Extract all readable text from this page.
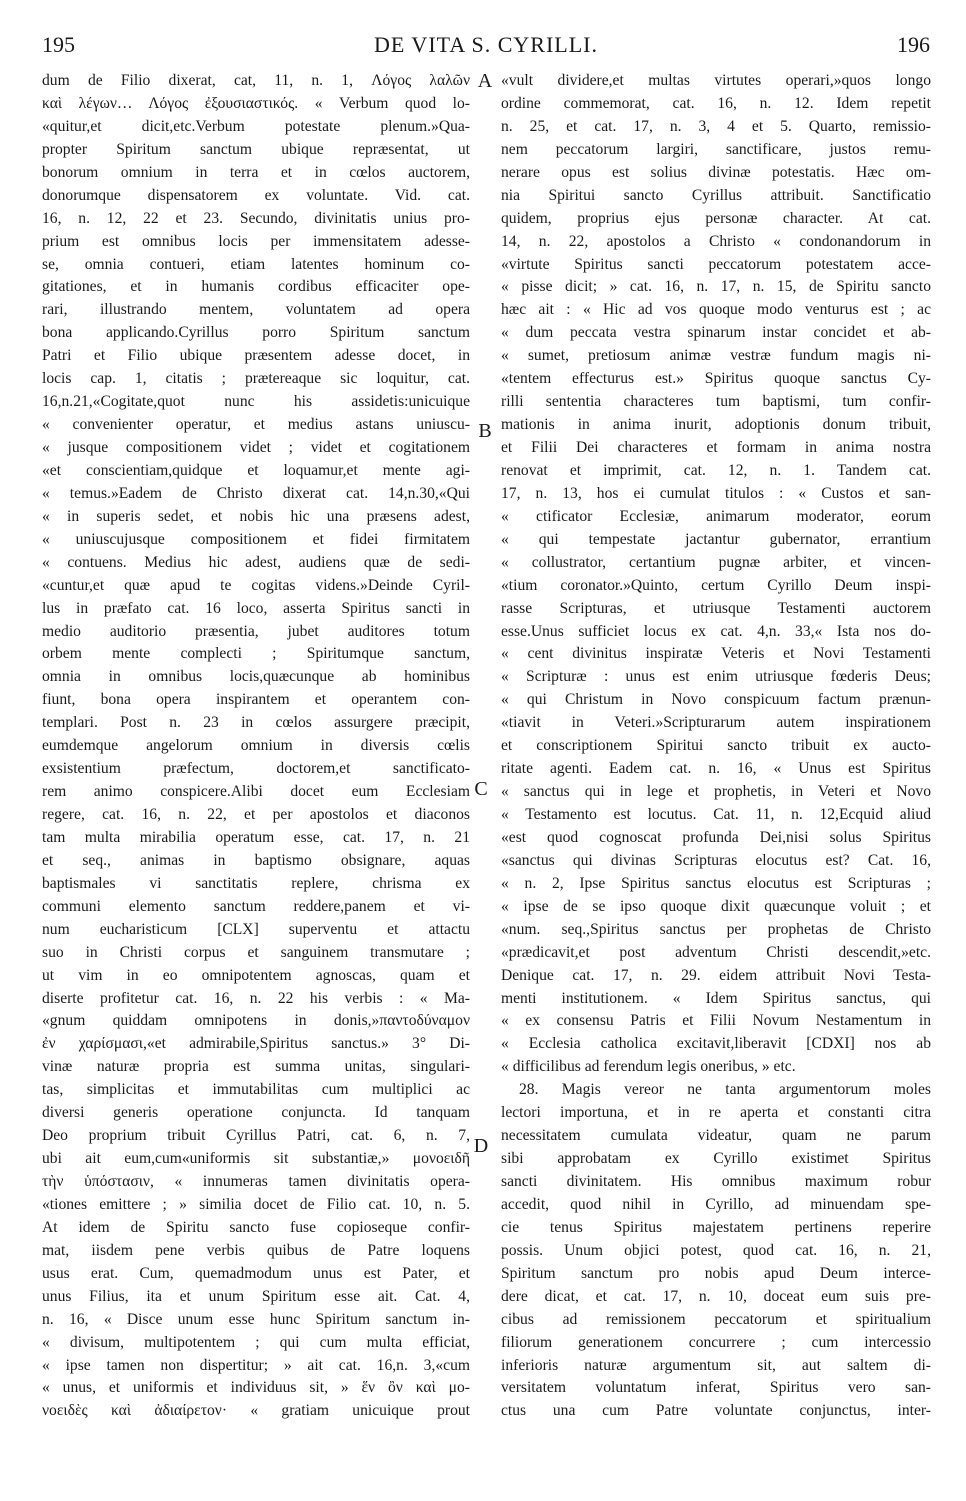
195	DE VITA S. CYRILLI.	196
dum de Filio dixerat, cat, 11, n. 1, Λόγος λαλῶν
καὶ λέγων… Λόγος ἐξουσιαστικός. « Verbum quod lo-
«quitur,et dicit,etc.Verbum potestate plenum.»Qua-
propter Spiritum sanctum ubique repræsentat, ut
bonorum omnium in terra et in cœlos auctorem,
donorumque dispensatorem ex voluntate. Vid. cat.
16, n. 12, 22 et 23. Secundo, divinitatis unius pro-
prium est omnibus locis per immensitatem adesse-
se, omnia contueri, etiam latentes hominum co-
gitationes, et in humanis cordibus efficaciter ope-
rari, illustrando mentem, voluntatem ad opera
bona applicando.Cyrillus porro Spiritum sanctum
Patri et Filio ubique præsentem adesse docet, in
locis cap. 1, citatis ; prætereaque sic loquitur, cat.
16,n.21,«Cogitate,quot nunc his assidetis:unicuique
« convenienter operatur, et medius astans uniuscu-
« jusque compositionem videt ; videt et cogitationem
«et conscientiam,quidque et loquamur,et mente agi-
« temus.»Eadem de Christo dixerat cat. 14,n.30,«Qui
« in superis sedet, et nobis hic una præsens adest,
« uniuscujusque compositionem et fidei firmitatem
« contuens. Medius hic adest, audiens quæ de sedi-
«cuntur,et quæ apud te cogitas videns.»Deinde Cyril-
lus in præfato cat. 16 loco, asserta Spiritus sancti in
medio auditorio præsentia, jubet auditores totum
orbem mente complecti ; Spiritumque sanctum,
omnia in omnibus locis,quæcunque ab hominibus
fiunt, bona opera inspirantem et operantem con-
templari. Post n. 23 in cœlos assurgere præcipit,
eumdemque angelorum omnium in diversis cœlis
exsistentium præfectum, doctorem,et sanctificato-
rem animo conspicere.Alibi docet eum Ecclesiam
regere, cat. 16, n. 22, et per apostolos et diaconos
tam multa mirabilia operatum esse, cat. 17, n. 21
et seq., animas in baptismo obsignare, aquas
baptismales vi sanctitatis replere, chrisma ex
communi elemento sanctum reddere,panem et vi-
num eucharisticum [CLX] superventu et attactu
suo in Christi corpus et sanguinem transmutare ;
ut vim in eo omnipotentem agnoscas, quam et
diserte profitetur cat. 16, n. 22 his verbis : « Ma-
«gnum quiddam omnipotens in donis,»παντοδύναμον
ἐν χαρίσμασι,«et admirabile,Spiritus sanctus.» 3° Di-
vinæ naturæ propria est summa unitas, singulari-
tas, simplicitas et immutabilitas cum multiplici ac
diversi generis operatione conjuncta. Id tanquam
Deo proprium tribuit Cyrillus Patri, cat. 6, n. 7,
ubi ait eum,cum«uniformis sit substantiæ,» μονοειδῆ
τὴν ὑπόστασιν, « innumeras tamen divinitatis opera-
«tiones emittere ; » similia docet de Filio cat. 10, n. 5.
At idem de Spiritu sancto fuse copioseque confir-
mat, iisdem pene verbis quibus de Patre loquens
usus erat. Cum, quemadmodum unus est Pater, et
unus Filius, ita et unum Spiritum esse ait. Cat. 4,
n. 16, « Disce unum esse hunc Spiritum sanctum in-
« divisum, multipotentem ; qui cum multa efficiat,
« ipse tamen non dispertitur; » ait cat. 16,n. 3,«cum
« unus, et uniformis et individuus sit, » ἕν ὂν καὶ μο-
νοειδὲς καὶ ἀδιαίρετον· « gratiam unicuique prout
«vult dividere,et multas virtutes operari,»quos longo
ordine commemorat, cat. 16, n. 12. Idem repetit
n. 25, et cat. 17, n. 3, 4 et 5. Quarto, remissio-
nem peccatorum largiri, sanctificare, justos remu-
nerare opus est solius divinæ potestatis. Hæc om-
nia Spiritui sancto Cyrillus attribuit. Sanctificatio
quidem, proprius ejus personæ character. At cat.
14, n. 22, apostolos a Christo « condonandorum in
«virtute Spiritus sancti peccatorum potestatem acce-
« pisse dicit; » cat. 16, n. 17, n. 15, de Spiritu sancto
hæc ait : « Hic ad vos quoque modo venturus est ; ac
« dum peccata vestra spinarum instar concidet et ab-
« sumet, pretiosum animæ vestræ fundum magis ni-
«tentem effecturus est.» Spiritus quoque sanctus Cy-
rilli sententia characteres tum baptismi, tum confir-
mationis in anima inurit, adoptionis donum tribuit,
et Filii Dei characteres et formam in anima nostra
renovat et imprimit, cat. 12, n. 1. Tandem cat.
17, n. 13, hos ei cumulat titulos : « Custos et san-
« ctificator Ecclesiæ, animarum moderator, eorum
« qui tempestate jactantur gubernator, errantium
« collustrator, certantium pugnæ arbiter, et vincen-
«tium coronator.»Quinto, certum Cyrillo Deum inspi-
rasse Scripturas, et utriusque Testamenti auctorem
esse.Unus sufficiet locus ex cat. 4,n. 33,« Ista nos do-
« cent divinitus inspiratæ Veteris et Novi Testamenti
« Scripturæ : unus est enim utriusque fœderis Deus;
« qui Christum in Novo conspicuum factum prænun-
«tiavit in Veteri.»Scripturarum autem inspirationem
et conscriptionem Spiritui sancto tribuit ex aucto-
ritate agenti. Eadem cat. n. 16, « Unus est Spiritus
« sanctus qui in lege et prophetis, in Veteri et Novo
« Testamento est locutus. Cat. 11, n. 12,Ecquid aliud
«est quod cognoscat profunda Dei,nisi solus Spiritus
«sanctus qui divinas Scripturas elocutus est? Cat. 16,
« n. 2, Ipse Spiritus sanctus elocutus est Scripturas ;
« ipse de se ipso quoque dixit quæcunque voluit ; et
«num. seq.,Spiritus sanctus per prophetas de Christo
«prædicavit,et post adventum Christi descendit,»etc.
Denique cat. 17, n. 29. eidem attribuit Novi Testa-
menti institutionem. « Idem Spiritus sanctus, qui
« ex consensu Patris et Filii Novum Nestamentum in
« Ecclesia catholica excitavit,liberavit [CDXI] nos ab
« difficilibus ad ferendum legis oneribus, » etc.
28. Magis vereor ne tanta argumentorum moles
lectori importuna, et in re aperta et constanti citra
necessitatem cumulata videatur, quam ne parum
sibi approbatam ex Cyrillo existimet Spiritus
sancti divinitatem. His omnibus maximum robur
accedit, quod nihil in Cyrillo, ad minuendam spe-
cie tenus Spiritus majestatem pertinens reperire
possis. Unum objici potest, quod cat. 16, n. 21,
Spiritum sanctum pro nobis apud Deum interce-
dere dicat, et cat. 17, n. 10, doceat eum suis pre-
cibus ad remissionem peccatorum et spiritualium
filiorum generationem concurrere ; cum intercessio
inferioris naturæ argumentum sit, aut saltem di-
versitatem voluntatum inferat, Spiritus vero san-
ctus una cum Patre voluntate conjunctus, inter-
A
B
C
D
